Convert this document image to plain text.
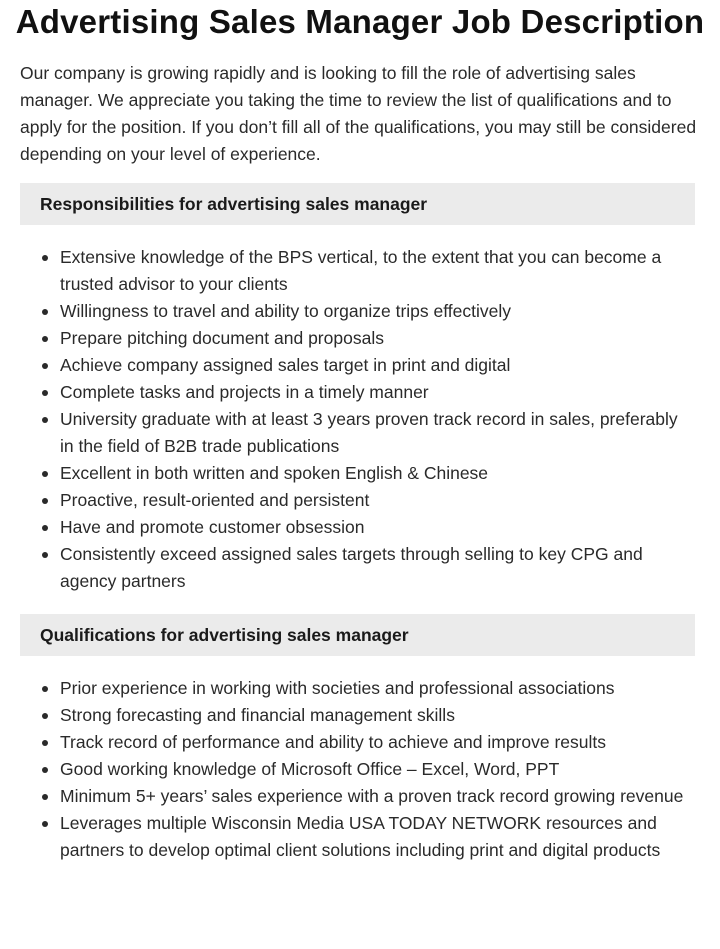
Advertising Sales Manager Job Description

Our company is growing rapidly and is looking to fill the role of advertising sales manager. We appreciate you taking the time to review the list of qualifications and to apply for the position. If you don’t fill all of the qualifications, you may still be considered depending on your level of experience.

Responsibilities for advertising sales manager
Extensive knowledge of the BPS vertical, to the extent that you can become a trusted advisor to your clients
Willingness to travel and ability to organize trips effectively
Prepare pitching document and proposals
Achieve company assigned sales target in print and digital
Complete tasks and projects in a timely manner
University graduate with at least 3 years proven track record in sales, preferably in the field of B2B trade publications
Excellent in both written and spoken English & Chinese
Proactive, result-oriented and persistent
Have and promote customer obsession
Consistently exceed assigned sales targets through selling to key CPG and agency partners
Qualifications for advertising sales manager
Prior experience in working with societies and professional associations
Strong forecasting and financial management skills
Track record of performance and ability to achieve and improve results
Good working knowledge of Microsoft Office – Excel, Word, PPT
Minimum 5+ years’ sales experience with a proven track record growing revenue
Leverages multiple Wisconsin Media USA TODAY NETWORK resources and partners to develop optimal client solutions including print and digital products
